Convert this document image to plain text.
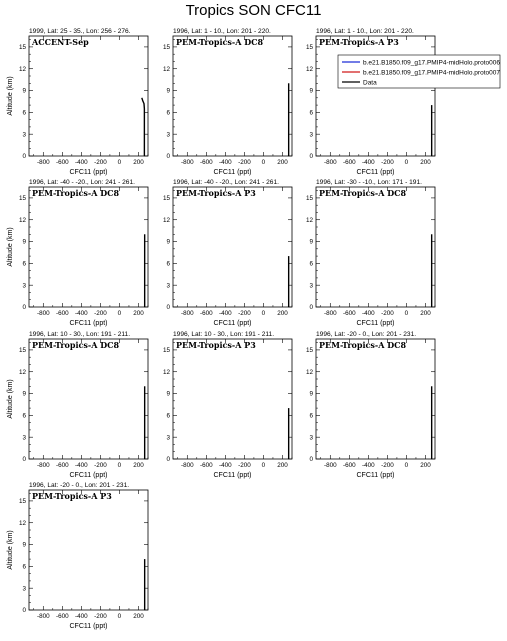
Tropics SON CFC11
1999, Lat: 25 - 35., Lon: 256 - 276.
0
3
6
9
12
15
-800 -600 -400 -200 0 200
CFC11 (ppt)
Altitude (km)
ACCENT-Sep
1996, Lat: 1 - 10., Lon: 201 - 220.
0
3
6
9
12
15
-800 -600 -400 -200 0 200
CFC11 (ppt)
PEM-Tropics-A DC8
1996, Lat: 1 - 10., Lon: 201 - 220.
0
3
6
9
12
15
-800 -600 -400 -200 0 200
CFC11 (ppt)
PEM-Tropics-A P3
b.e21.B1850.f09_g17.PMIP4-midHolo.proto006
b.e21.B1850.f09_g17.PMIP4-midHolo.proto007
Data
1996, Lat: -40 - -20., Lon: 241 - 261.
0
3
6
9
12
15
-800 -600 -400 -200 0 200
CFC11 (ppt)
Altitude (km)
PEM-Tropics-A DC8
1996, Lat: -40 - -20., Lon: 241 - 261.
0
3
6
9
12
15
-800 -600 -400 -200 0 200
CFC11 (ppt)
PEM-Tropics-A P3
1996, Lat: -30 - -10., Lon: 171 - 191.
0
3
6
9
12
15
-800 -600 -400 -200 0 200
CFC11 (ppt)
PEM-Tropics-A DC8
1996, Lat: 10 - 30., Lon: 191 - 211.
0
3
6
9
12
15
-800 -600 -400 -200 0 200
CFC11 (ppt)
Altitude (km)
PEM-Tropics-A DC8
1996, Lat: 10 - 30., Lon: 191 - 211.
0
3
6
9
12
15
-800 -600 -400 -200 0 200
CFC11 (ppt)
PEM-Tropics-A P3
1996, Lat: -20 - 0., Lon: 201 - 231.
0
3
6
9
12
15
-800 -600 -400 -200 0 200
CFC11 (ppt)
PEM-Tropics-A DC8
1996, Lat: -20 - 0., Lon: 201 - 231.
0
3
6
9
12
15
-800 -600 -400 -200 0 200
CFC11 (ppt)
Altitude (km)
PEM-Tropics-A P3
